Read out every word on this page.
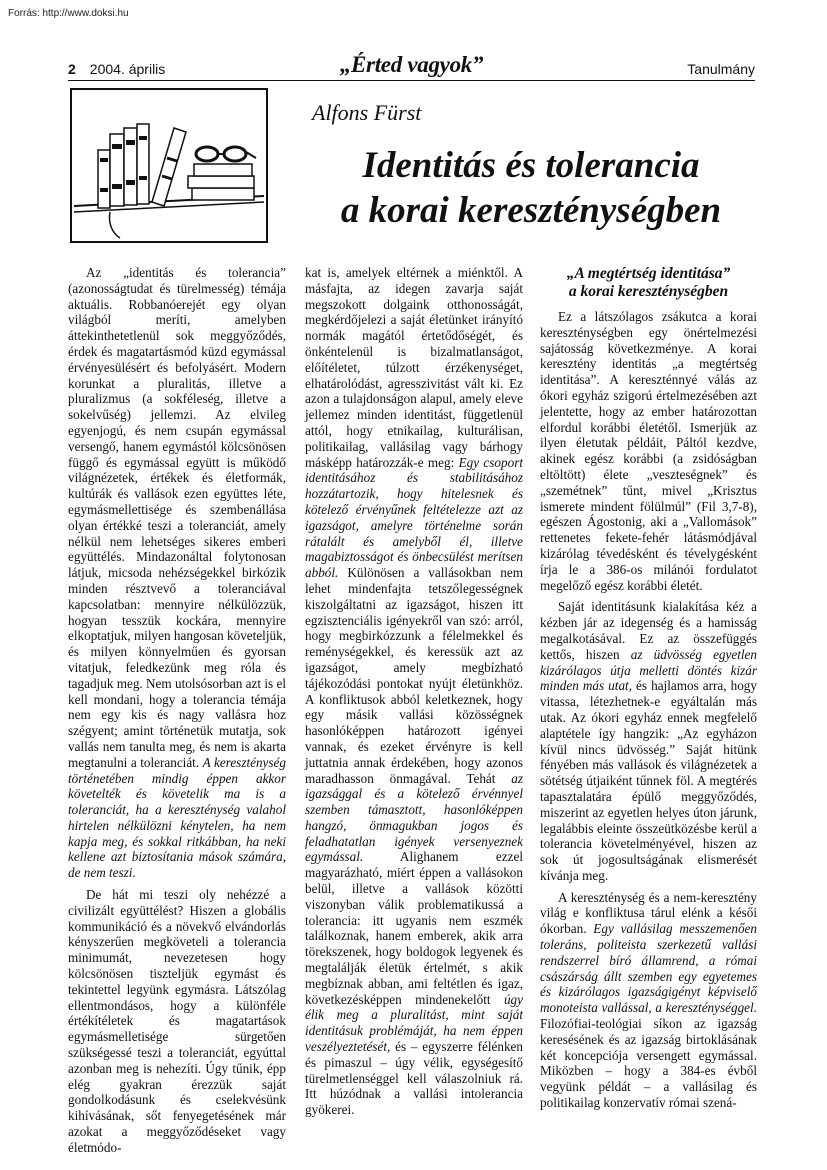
Forrás: http://www.doksi.hu
2 2004. április	„Érted vagyok”	Tanulmány
Alfons Fürst
Identitás és tolerancia
a korai kereszténységben

Az „identitás és tolerancia” (azonosságtudat és türelmesség) témája aktuális. Robbanóerejét egy olyan világból meríti, amelyben áttekinthetetlenül sok meggyőződés, érdek és magatartásmód küzd egymással érvényesülésért és befolyásért. Modern korunkat a pluralitás, illetve a pluralizmus (a sokféleség, illetve a sokelvűség) jellemzi. Az elvileg egyenjogú, és nem csupán egymással versengő, hanem egymástól kölcsönösen függő és egymással együtt is működő világnézetek, értékek és életformák, kultúrák és vallások ezen együttes léte, egymásmellettisége és szembenállása olyan értékké teszi a toleranciát, amely nélkül nem lehetséges sikeres emberi együttélés. Mindazonáltal folytonosan látjuk, micsoda nehézségekkel birkózik minden résztvevő a toleranciával kapcsolatban: mennyire nélkülözzük, hogyan tesszük kockára, mennyire elkoptatjuk, milyen hangosan követeljük, és milyen könnyelműen és gyorsan vitatjuk, feledkezünk meg róla és tagadjuk meg. Nem utolsósorban azt is el kell mondani, hogy a tolerancia témája nem egy kis és nagy vallásra hoz szégyent; amint történetük mutatja, sok vallás nem tanulta meg, és nem is akarta megtanulni a toleranciát. A kereszténység történetében mindig éppen akkor követelték és követelik ma is a toleranciát, ha a kereszténység valahol hirtelen nélkülözni kénytelen, ha nem kapja meg, és sokkal ritkábban, ha neki kellene azt biztosítania mások számára, de nem teszi.

De hát mi teszi oly nehézzé a civilizált együttélést? Hiszen a globális kommunikáció és a növekvő elvándorlás kényszerűen megköveteli a tolerancia minimumát, nevezetesen hogy kölcsönösen tiszteljük egymást és tekintettel legyünk egymásra. Látszólag ellentmondásos, hogy a különféle értékítéletek és magatartások egymásmelletisége sürgetően szükségessé teszi a toleranciát, egyúttal azonban meg is nehezíti. Úgy tűnik, épp elég gyakran érezzük saját gondolkodásunk és cselekvésünk kihívásának, sőt fenyegetésének már azokat a meggyőződéseket vagy életmódo-

kat is, amelyek eltérnek a miénktől. A másfajta, az idegen zavarja saját megszokott dolgaink otthonosságát, megkérdőjelezi a saját életünket irányító normák magától értetődőségét, és önkéntelenül is bizalmatlanságot, előítéletet, túlzott érzékenységet, elhatárolódást, agresszivitást vált ki. Ez azon a tulajdonságon alapul, amely eleve jellemez minden identitást, függetlenül attól, hogy etnikailag, kulturálisan, politikailag, vallásilag vagy bárhogy másképp határozzák-e meg: Egy csoport identitásához és stabilitásához hozzátartozik, hogy hitelesnek és kötelező érvényűnek feltételezze azt az igazságot, amelyre történelme során rátalált és amelyből él, illetve magabiztosságot és önbecsülést merítsen abból. Különösen a vallásokban nem lehet mindenfajta tetszőlegességnek kiszolgáltatni az igazságot, hiszen itt egzisztenciális igényekről van szó: arról, hogy megbirkózzunk a félelmekkel és reménységekkel, és keressük azt az igazságot, amely megbízható tájékozódási pontokat nyújt életünkhöz. A konfliktusok abból keletkeznek, hogy egy másik vallási közösségnek hasonlóképpen határozott igényei vannak, és ezeket érvényre is kell juttatnia annak érdekében, hogy azonos maradhasson önmagával. Tehát az igazsággal és a kötelező érvénnyel szemben támasztott, hasonlóképpen hangzó, önmagukban jogos és feladhatatlan igények versenyeznek egymással. Alighanem ezzel magyarázható, miért éppen a vallásokon belül, illetve a vallások közötti viszonyban válik problematikussá a tolerancia: itt ugyanis nem eszmék találkoznak, hanem emberek, akik arra törekszenek, hogy boldogok legyenek és megtalálják életük értelmét, s akik megbíznak abban, ami feltétlen és igaz, következésképpen mindenekelőtt úgy élik meg a pluralitást, mint saját identitásuk problémáját, ha nem éppen veszélyeztetését, és – egyszerre félénken és pimaszul – úgy vélik, egységesítő türelmetlenséggel kell válaszolniuk rá. Itt húzódnak a vallási intolerancia gyökerei.

„A megtértség identitása”
a korai kereszténységben

Ez a látszólagos zsákutca a korai kereszténységben egy önértelmezési sajátosság következménye. A korai keresztény identitás „a megtértség identitása”. A kereszténnyé válás az ókori egyház szigorú értelmezésében azt jelentette, hogy az ember határozottan elfordul korábbi életétől. Ismerjük az ilyen életutak példáit, Páltól kezdve, akinek egész korábbi (a zsidóságban eltöltött) élete „veszteségnek” és „szemétnek” tűnt, mivel „Krisztus ismerete mindent fölülmúl” (Fil 3,7-8), egészen Ágostonig, aki a „Vallomások” rettenetes fekete-fehér látásmódjával kizárólag tévedésként és tévelygésként írja le a 386-os milánói fordulatot megelőző egész korábbi életét.

Saját identitásunk kialakítása kéz a kézben jár az idegenség és a hamisság megalkotásával. Ez az összefüggés kettős, hiszen az üdvösség egyetlen kizárólagos útja melletti döntés kizár minden más utat, és hajlamos arra, hogy vitassa, létezhetnek-e egyáltalán más utak. Az ókori egyház ennek megfelelő alaptétele így hangzik: „Az egyházon kívül nincs üdvösség.” Saját hitünk fényében más vallások és világnézetek a sötétség útjaiként tűnnek föl. A megtérés tapasztalatára épülő meggyőződés, miszerint az egyetlen helyes úton járunk, legalábbis eleinte összeütközésbe kerül a tolerancia követelményével, hiszen az sok út jogosultságának elismerését kívánja meg.

A kereszténység és a nem-keresztény világ e konfliktusa tárul elénk a késői ókorban. Egy vallásilag messzemenően toleráns, politeista szerkezetű vallási rendszerrel bíró államrend, a római császárság állt szemben egy egyetemes és kizárólagos igazságigényt képviselő monoteista vallással, a kereszténységgel. Filozófiai-teológiai síkon az igazság keresésének és az igazság birtoklásának két koncepciója versengett egymással. Miközben – hogy a 384-es évből vegyünk példát – a vallásilag és politikailag konzervatív római szená-
